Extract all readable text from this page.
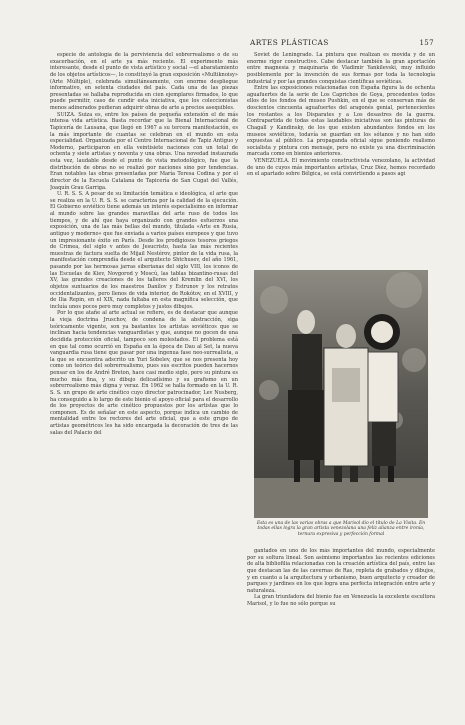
ARTES PLÁSTICAS	157

especie de antología de la perviviencia del sobrerrealismo o de su exacerbación, en el arte ya más reciente. El experimento más interesante, desde el punto de vista artístico y social —el abaratamiento de los objetos artísticos—, lo constituyó la gran exposición «Multiknoisy» (Arte Múltiple), celebrada simultáneamente, con enorme despliegue informativo, en setenta ciudades del país. Cada una de las piezas presentadas se hallaba reproducida en cien ejemplares firmados, lo que puede permitir, caso de cundir esta iniciativa, que los coleccionistas menos adinerados pudieran adquirir obras de arte a precios asequibles.

SUIZA. Suiza es, entre los países de pequeña extensión el de más intensa vida artística. Basta recordar que la Bienal Internacional de Tapicería de Lausana, que llegó en 1967 a su tercera manifestación, es la más importante de cuantas se celebran en el mundo en esta especialidad. Organizada por el Centro Internacional de Tapiz Antiguo y Moderno, participaron en ella veintisiete naciones con un total de ochenta y siete artistas y noventa y una obras. Una novedad instaurada esta vez, laudable desde el punto de vista metodológico, fue que la distribución de obras no se realizó por naciones sino por tendencias. Eran notables las obras presentadas por María Teresa Codina y por el director de la Escuela Catalana de Tapicería de San Cugat del Vallés, Joaquín Grau Garriga.

U. R. S. S. A pesar de su limitación temática e ideológica, el arte que se realiza en la U. R. S. S. se caracteriza por la calidad de la ejecución. El Gobierno soviético tiene además un interés especialísimo en informar al mundo sobre las grandes maravillas del arte ruso de todos los tiempos, y de ahí que haya organizado con grandes esfuerzos una exposición, una de las más bellas del mundo, titulada «Arte en Rusia, antiguo y moderno» que fue enviada a varios países europeos y que tuvo un impresionante éxito en París. Desde los prodigiosos tesoros griegos de Crimea, del siglo v antes de Jesucristo, hasta las más recientes muestras de factura suelta de Mijail Nestérov, pintor de la vida rusa, la manifestación comprendía desde el arquitecto Shtchusev, del año 1961, pasando por las hermosas jarras siberianas del siglo VIII, los iconos de las Escuelas de Kiev, Novgorod y Moscú, las tablas bizantino-rusas del XV, las grandes creaciones de los talleres del Kremlin del XVI, los objetos suntuarios de los maestros Danílov y Estrunov y los retratos occidentalizantes, pero llenos de vida interior, de Rokótov, en el XVIII, y de Ilia Repin, en el XIX, nada faltaba en esta magnífica selección, que incluía unos pocos pero muy completos y justos dibujos.

Por lo que atañe al arte actual se refiere, es de destacar que aunque la vieja doctrina Jruschov, de condena de la abstracción, siga teóricamente vigente, son ya bastantes los artistas soviéticos que se inclinan hacia tendencias vanguardistas y que, aunque no gocen de una decidida protección oficial, tampoco son molestados. El problema está en que tal como ocurrió en España en la época de Dau al Set, la nueva vanguardia rusa tiene que pasar por una ingenua fase neo-surrealista, a la que se encuentra adscrito un Yuri Sobelev, que se nos presenta hoy como un teórico del sobrerrealismo, pues sus escritos pueden hacernos pensar en los de André Breton, hace casi medio siglo, pero su pintura es mucho más fina, y su dibujo delicadísimo y su grafismo en un sobrerrealismo más digna y veraz. En 1962 se halla formado en la U. R. S. S. un grupo de arte cinético cuyo director patrocinador, Lev Nusberg, ha conseguido a lo largo de este bienio el apoyo oficial para el desarrollo de los proyectos de arte cinético propuestos por los artistas que lo componen. Es de señalar en este aspecto, porque indica un cambio de mentalidad entre los rectores del arte oficial, que a este grupo de artistas geométricos les ha sido encargada la decoración de tres de las salas del Palacio del

Soviet de Leningrado. La pintura que realizan es movida y de un enorme rigor constructivo. Cabe destacar también la gran aportación entre magnesia y maquinaria de Vladimir Yankilevski, muy influido posiblemente por la invención de sus formas por toda la tecnología industrial y por las grandes conquistas científicas soviéticas.

Entre las exposiciones relacionadas con España figura la de ochenta aguafuertes de la serie de Los Caprichos de Goya, procedentes todos ellos de los fondos del museo Pushkin, en el que se conservan más de doscientos cincuenta aguafuertes del aragonés genial, pertenecientes los restantes a los Disparates y a Los desastres de la guerra. Contrapartida de todas estas laudables iniciativas son las pinturas de Chagall y Kandinsky, de los que existen abundantes fondos en los museos soviéticos, todavía se guardan en los sótanos y no han sido expuestas al público. La propaganda oficial sigue poniendo realismo socialista y pintura con mensaje, pero no existe ya una discriminación marcada como en bienios anteriores.

VENEZUELA. El movimiento constructivista venezolano, la actividad de uno de cuyos más importantes artistas, Cruz Díez, hemos recordado en el apartado sobre Bélgica, se está convirtiendo a pasos agi

Esta es una de las varias obras a que Marisol dio el título de La Visita. En todas ellas logra la gran artista venezolana una feliz alianza entre ironía, ternura expresiva y perfección formal

gantados en uno de los más importantes del mundo, especialmente por su soltura lineal. Son asimismo importantes las recientes ediciones de alta bibliofilia relacionadas con la creación artística del país, entre las que destacan las de las cavernas de Ras, repleta de grabados y dibujos, y en cuanto a la arquitectura y urbanismo, buen arquitecto y creador de parques y jardines en los que logra una perfecta integración entre arte y naturaleza.

La gran triunfadora del bienio fue en Venezuela la excelente escultora Marisol, y lo fue no sólo porque su
